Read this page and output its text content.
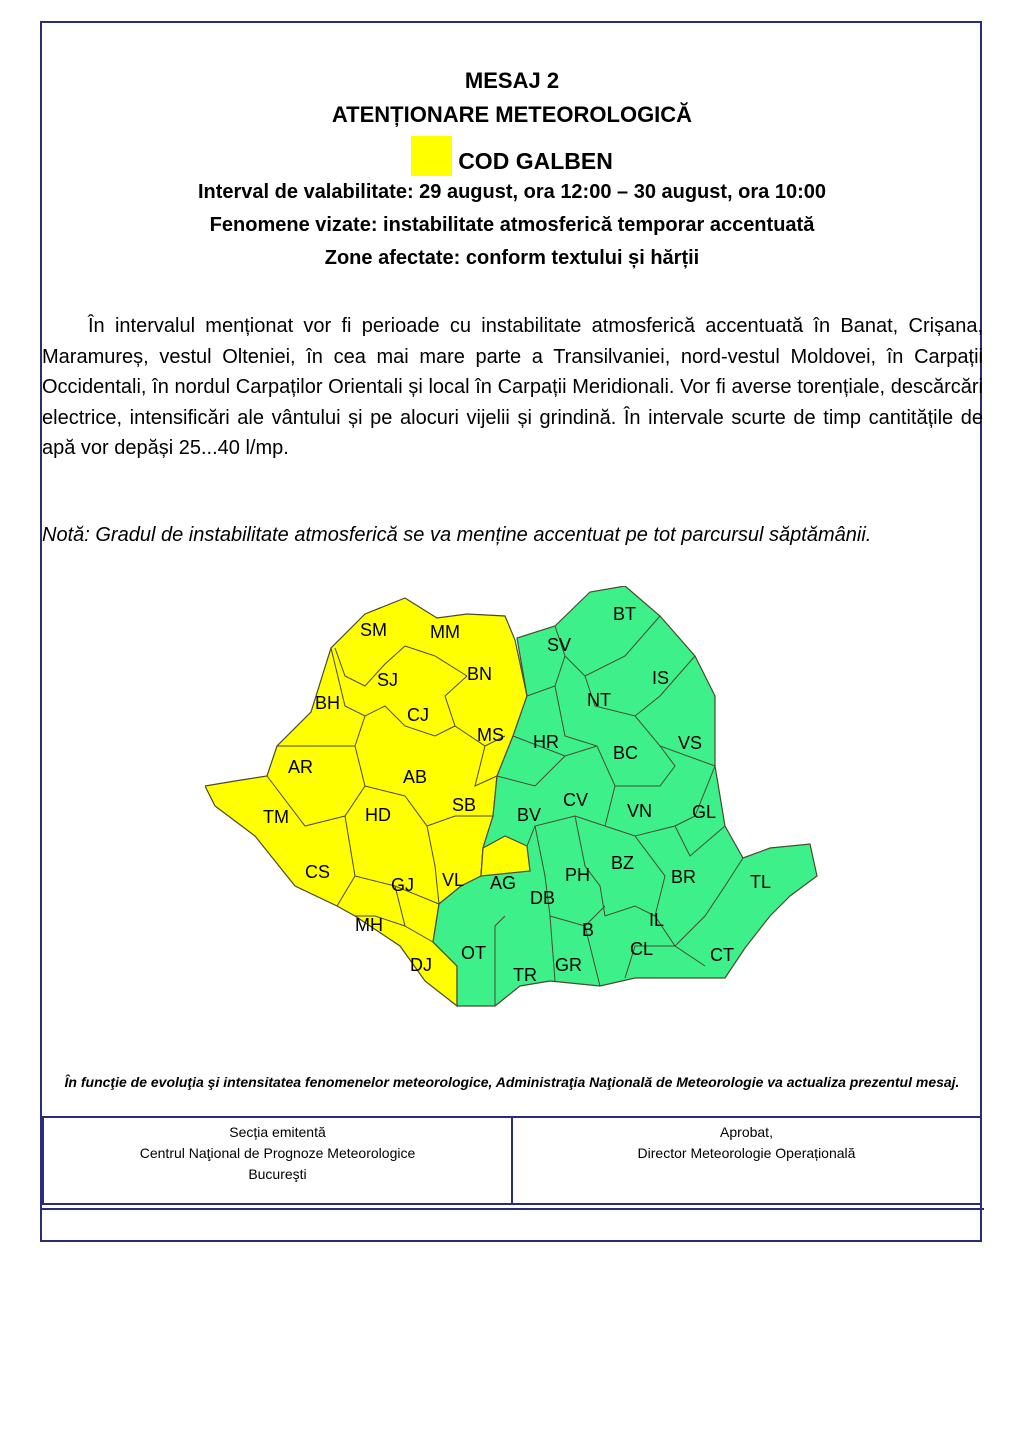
MESAJ 2
ATENȚIONARE METEOROLOGICĂ
COD GALBEN
Interval de valabilitate: 29 august, ora 12:00 – 30 august, ora 10:00
Fenomene vizate: instabilitate atmosferică temporar accentuată
Zone afectate: conform textului și hărții

În intervalul menționat vor fi perioade cu instabilitate atmosferică accentuată în Banat, Crișana, Maramureș, vestul Olteniei, în cea mai mare parte a Transilvaniei, nord-vestul Moldovei, în Carpații Occidentali, în nordul Carpaților Orientali și local în Carpații Meridionali. Vor fi averse torențiale, descărcări electrice, intensificări ale vântului și pe alocuri vijelii și grindină. În intervale scurte de timp cantitățile de apă vor depăși 25...40 l/mp.

Notă: Gradul de instabilitate atmosferică se va menține accentuat pe tot parcursul săptămânii.

SM MM
SV
BT
SJ	BN	IS
BH
CJ
NT
MS HR	VS
BC
AR	AB
CV
TM	HD	SB BV	VN GL
CS
GJ VL AG	PH
BZ
BR	TL
DB
MH	IL
B
OT	CL	CT
DJ	TR GR
În funcţie de evoluţia şi intensitatea fenomenelor meteorologice, Administraţia Naţională de Meteorologie va actualiza prezentul mesaj.
Secția emitentă
Centrul Naţional de Prognoze Meteorologice
Bucureşti
Aprobat,
Director Meteorologie Operațională
